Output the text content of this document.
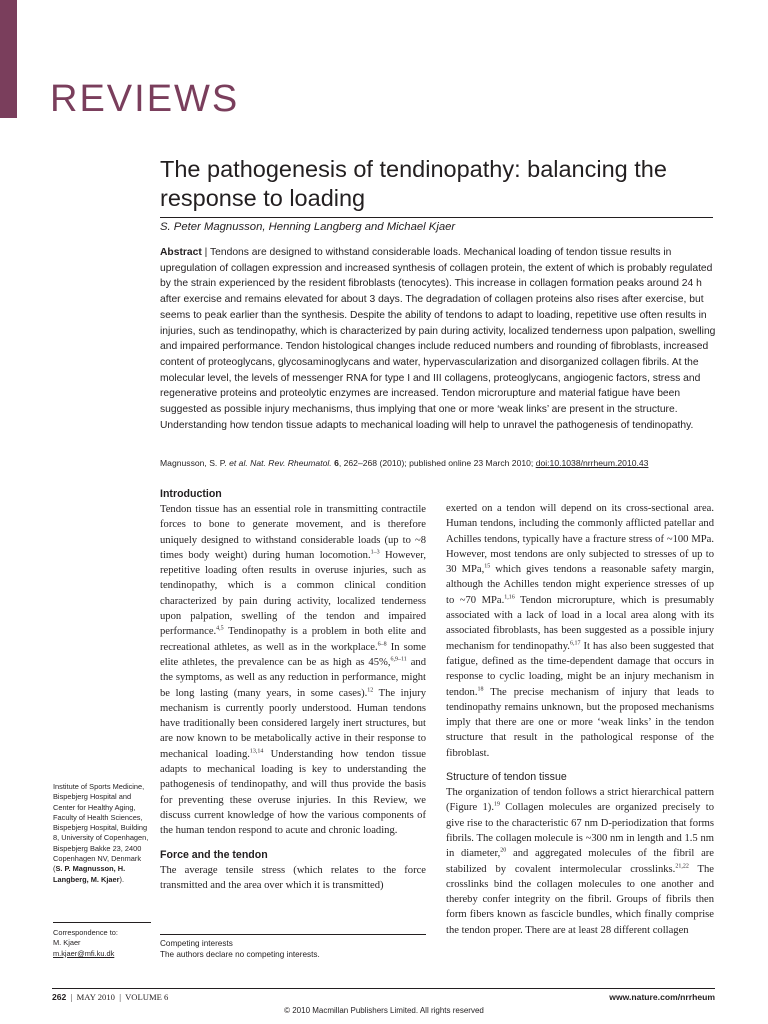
REVIEWS
The pathogenesis of tendinopathy: balancing the response to loading
S. Peter Magnusson, Henning Langberg and Michael Kjaer
Abstract | Tendons are designed to withstand considerable loads. Mechanical loading of tendon tissue results in upregulation of collagen expression and increased synthesis of collagen protein, the extent of which is probably regulated by the strain experienced by the resident fibroblasts (tenocytes). This increase in collagen formation peaks around 24 h after exercise and remains elevated for about 3 days. The degradation of collagen proteins also rises after exercise, but seems to peak earlier than the synthesis. Despite the ability of tendons to adapt to loading, repetitive use often results in injuries, such as tendinopathy, which is characterized by pain during activity, localized tenderness upon palpation, swelling and impaired performance. Tendon histological changes include reduced numbers and rounding of fibroblasts, increased content of proteoglycans, glycosaminoglycans and water, hypervascularization and disorganized collagen fibrils. At the molecular level, the levels of messenger RNA for type I and III collagens, proteoglycans, angiogenic factors, stress and regenerative proteins and proteolytic enzymes are increased. Tendon microrupture and material fatigue have been suggested as possible injury mechanisms, thus implying that one or more ‘weak links’ are present in the structure. Understanding how tendon tissue adapts to mechanical loading will help to unravel the pathogenesis of tendinopathy.
Magnusson, S. P. et al. Nat. Rev. Rheumatol. 6, 262–268 (2010); published online 23 March 2010; doi:10.1038/nrrheum.2010.43
Introduction

Tendon tissue has an essential role in transmitting contractile forces to bone to generate movement, and is therefore uniquely designed to withstand considerable loads (up to ~8 times body weight) during human locomotion.$^{1-3}$ However, repetitive loading often results in overuse injuries, such as tendinopathy, which is a common clinical condition characterized by pain during activity, localized tenderness upon palpation, swelling of the tendon and impaired performance.$^{4,5}$ Tendinopathy is a problem in both elite and recreational athletes, as well as in the workplace.$^{6-8}$ In some elite athletes, the prevalence can be as high as 45%,$^{6,9-11}$ and the symptoms, as well as any reduction in performance, might be long lasting (many years, in some cases).$^{12}$ The injury mechanism is currently poorly understood. Human tendons have traditionally been considered largely inert structures, but are now known to be metabolically active in their response to mechanical loading.$^{13,14}$ Understanding how tendon tissue adapts to mechanical loading is key to understanding the pathogenesis of tendinopathy, and will thus provide the basis for preventing these overuse injuries. In this Review, we discuss current knowledge of how the various components of the human tendon respond to acute and chronic loading.

Force and the tendon

The average tensile stress (which relates to the force transmitted and the area over which it is transmitted)

exerted on a tendon will depend on its cross-sectional area. Human tendons, including the commonly afflicted patellar and Achilles tendons, typically have a fracture stress of ~100 MPa. However, most tendons are only subjected to stresses of up to 30 MPa,$^{15}$ which gives tendons a reasonable safety margin, although the Achilles tendon might experience stresses of up to ~70 MPa.$^{1,16}$ Tendon microrupture, which is presumably associated with a lack of load in a local area along with its associated fibroblasts, has been suggested as a possible injury mechanism for tendinopathy.$^{6,17}$ It has also been suggested that fatigue, defined as the time-dependent damage that occurs in response to cyclic loading, might be an injury mechanism in tendon.$^{18}$ The precise mechanism of injury that leads to tendinopathy remains unknown, but the proposed mechanisms imply that there are one or more ‘weak links’ in the tendon structure that result in the pathological response of the fibroblast.

Structure of tendon tissue

The organization of tendon follows a strict hierarchical pattern (Figure 1).$^{19}$ Collagen molecules are organized precisely to give rise to the characteristic 67 nm D-periodization that forms fibrils. The collagen molecule is ~300 nm in length and 1.5 nm in diameter,$^{20}$ and aggregated molecules of the fibril are stabilized by covalent intermolecular crosslinks.$^{21,22}$ The crosslinks bind the collagen molecules to one another and thereby confer integrity on the fibril. Groups of fibrils then form fibers known as fascicle bundles, which finally comprise the tendon proper. There are at least 28 different collagen

Institute of Sports Medicine, Bispebjerg Hospital and Center for Healthy Aging, Faculty of Health Sciences, Bispebjerg Hospital, Building 8, University of Copenhagen, Bispebjerg Bakke 23, 2400 Copenhagen NV, Denmark (S. P. Magnusson, H. Langberg, M. Kjaer).
Correspondence to:
M. Kjaer
m.kjaer@mfi.ku.dk
Competing interests
The authors declare no competing interests.
262  |  MAY 2010  |  VOLUME 6	www.nature.com/nrrheum
© 2010 Macmillan Publishers Limited. All rights reserved
